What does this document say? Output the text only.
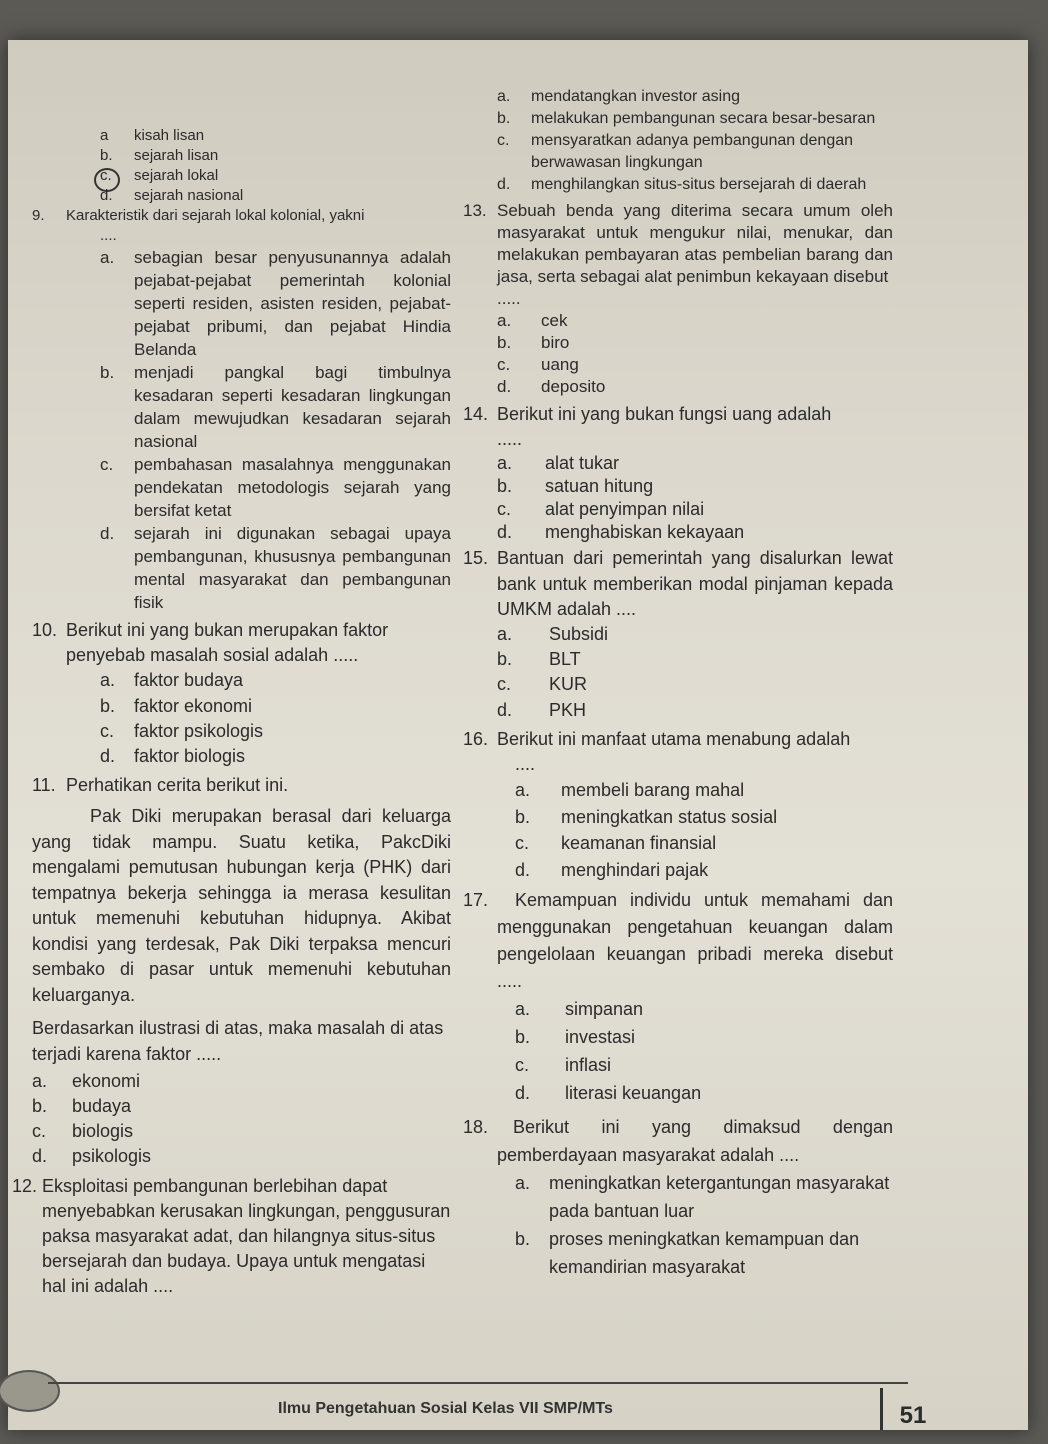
a kisah lisan
b. sejarah lisan
c. sejarah lokal
d. sejarah nasional
9. Karakteristik dari sejarah lokal kolonial, yakni
....
a. sebagian besar penyusunannya adalah pejabat-pejabat pemerintah kolonial seperti residen, asisten residen, pejabat-pejabat pribumi, dan pejabat Hindia Belanda
b. menjadi pangkal bagi timbulnya kesadaran seperti kesadaran lingkungan dalam mewujudkan kesadaran sejarah nasional
c. pembahasan masalahnya menggunakan pendekatan metodologis sejarah yang bersifat ketat
d. sejarah ini digunakan sebagai upaya pembangunan, khususnya pembangunan mental masyarakat dan pembangunan fisik
10. Berikut ini yang bukan merupakan faktor penyebab masalah sosial adalah .....
a. faktor budaya
b. faktor ekonomi
c. faktor psikologis
d. faktor biologis
11. Perhatikan cerita berikut ini.
Pak Diki merupakan berasal dari keluarga yang tidak mampu. Suatu ketika, PakcDiki mengalami pemutusan hubungan kerja (PHK) dari tempatnya bekerja sehingga ia merasa kesulitan untuk memenuhi kebutuhan hidupnya. Akibat kondisi yang terdesak, Pak Diki terpaksa mencuri sembako di pasar untuk memenuhi kebutuhan keluarganya.
Berdasarkan ilustrasi di atas, maka masalah di atas terjadi karena faktor .....
a. ekonomi
b. budaya
c. biologis
d. psikologis
12. Eksploitasi pembangunan berlebihan dapat menyebabkan kerusakan lingkungan, penggusuran paksa masyarakat adat, dan hilangnya situs-situs bersejarah dan budaya. Upaya untuk mengatasi hal ini adalah ....
a. mendatangkan investor asing
b. melakukan pembangunan secara besar-besaran
c. mensyaratkan adanya pembangunan dengan berwawasan lingkungan
d. menghilangkan situs-situs bersejarah di daerah
13. Sebuah benda yang diterima secara umum oleh masyarakat untuk mengukur nilai, menukar, dan melakukan pembayaran atas pembelian barang dan jasa, serta sebagai alat penimbun kekayaan disebut
.....
a. cek
b. biro
c. uang
d. deposito
14. Berikut ini yang bukan fungsi uang adalah
.....
a. alat tukar
b. satuan hitung
c. alat penyimpan nilai
d. menghabiskan kekayaan
15. Bantuan dari pemerintah yang disalurkan lewat bank untuk memberikan modal pinjaman kepada UMKM adalah ....
a. Subsidi
b. BLT
c. KUR
d. PKH
16. Berikut ini manfaat utama menabung adalah
....
a. membeli barang mahal
b. meningkatkan status sosial
c. keamanan finansial
d. menghindari pajak
17. Kemampuan individu untuk memahami dan menggunakan pengetahuan keuangan dalam pengelolaan keuangan pribadi mereka disebut .....
a. simpanan
b. investasi
c. inflasi
d. literasi keuangan
18. Berikut ini yang dimaksud dengan pemberdayaan masyarakat adalah ....
a. meningkatkan ketergantungan masyarakat pada bantuan luar
b. proses meningkatkan kemampuan dan kemandirian masyarakat
Ilmu Pengetahuan Sosial Kelas VII SMP/MTs	51
